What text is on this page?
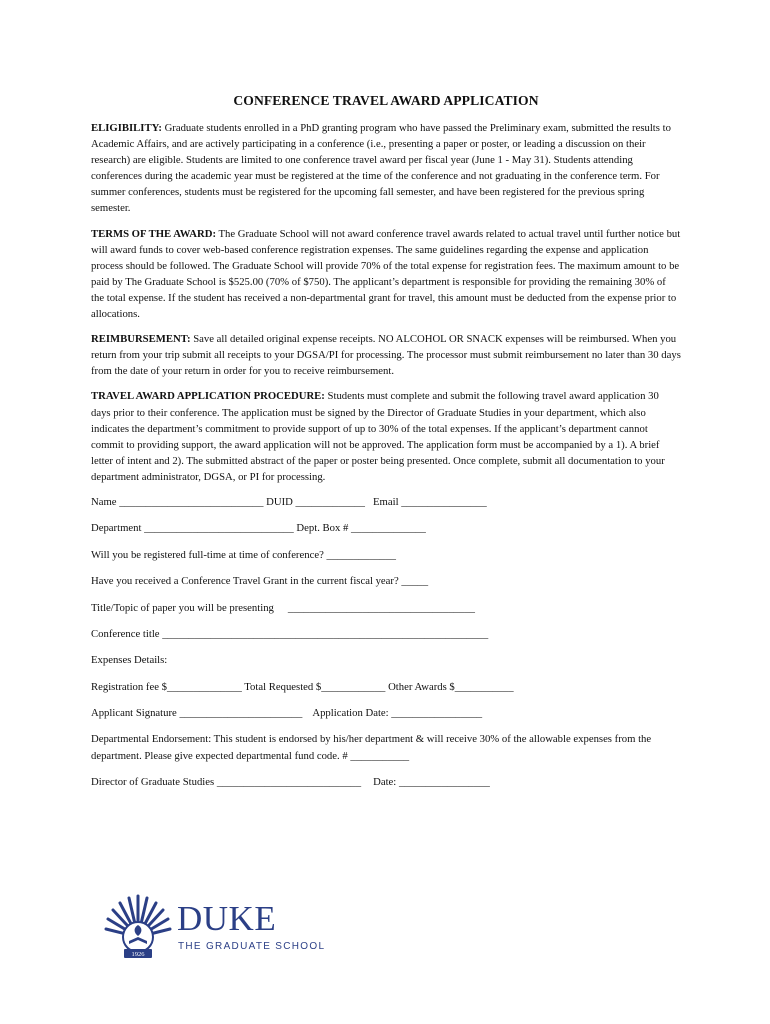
CONFERENCE TRAVEL AWARD APPLICATION

ELIGIBILITY: Graduate students enrolled in a PhD granting program who have passed the Preliminary exam, submitted the results to Academic Affairs, and are actively participating in a conference (i.e., presenting a paper or poster, or leading a discussion on their research) are eligible. Students are limited to one conference travel award per fiscal year (June 1 - May 31). Students attending conferences during the academic year must be registered at the time of the conference and not graduating in the conference term. For summer conferences, students must be registered for the upcoming fall semester, and have been registered for the previous spring semester.

TERMS OF THE AWARD: The Graduate School will not award conference travel awards related to actual travel until further notice but will award funds to cover web-based conference registration expenses. The same guidelines regarding the expense and application process should be followed. The Graduate School will provide 70% of the total expense for registration fees. The maximum amount to be paid by The Graduate School is $525.00 (70% of $750). The applicant’s department is responsible for providing the remaining 30% of the total expense. If the student has received a non-departmental grant for travel, this amount must be deducted from the expense prior to allocations.

REIMBURSEMENT: Save all detailed original expense receipts. NO ALCOHOL OR SNACK expenses will be reimbursed. When you return from your trip submit all receipts to your DGSA/PI for processing. The processor must submit reimbursement no later than 30 days from the date of your return in order for you to receive reimbursement.

TRAVEL AWARD APPLICATION PROCEDURE: Students must complete and submit the following travel award application 30 days prior to their conference. The application must be signed by the Director of Graduate Studies in your department, which also indicates the department’s commitment to provide support of up to 30% of the total expenses. If the applicant’s department cannot commit to providing support, the award application will not be approved. The application form must be accompanied by a 1). A brief letter of intent and 2). The submitted abstract of the paper or poster being presented. Once complete, submit all documentation to your department administrator, DGSA, or PI for processing.

Name ___________________________ DUID _____________   Email ________________
Department ____________________________ Dept. Box # ______________
Will you be registered full-time at time of conference? _____________
Have you received a Conference Travel Grant in the current fiscal year? _____
Title/Topic of paper you will be presenting ___________________________________
Conference title _____________________________________________________________
Expenses Details:
Registration fee $______________ Total Requested $____________ Other Awards $___________
Applicant Signature _______________________ Application Date: _________________
Departmental Endorsement: This student is endorsed by his/her department & will receive 30% of the allowable expenses from the department. Please give expected departmental fund code. # ___________
Director of Graduate Studies ___________________________ Date: _________________
1926
DUKE
THE GRADUATE SCHOOL
